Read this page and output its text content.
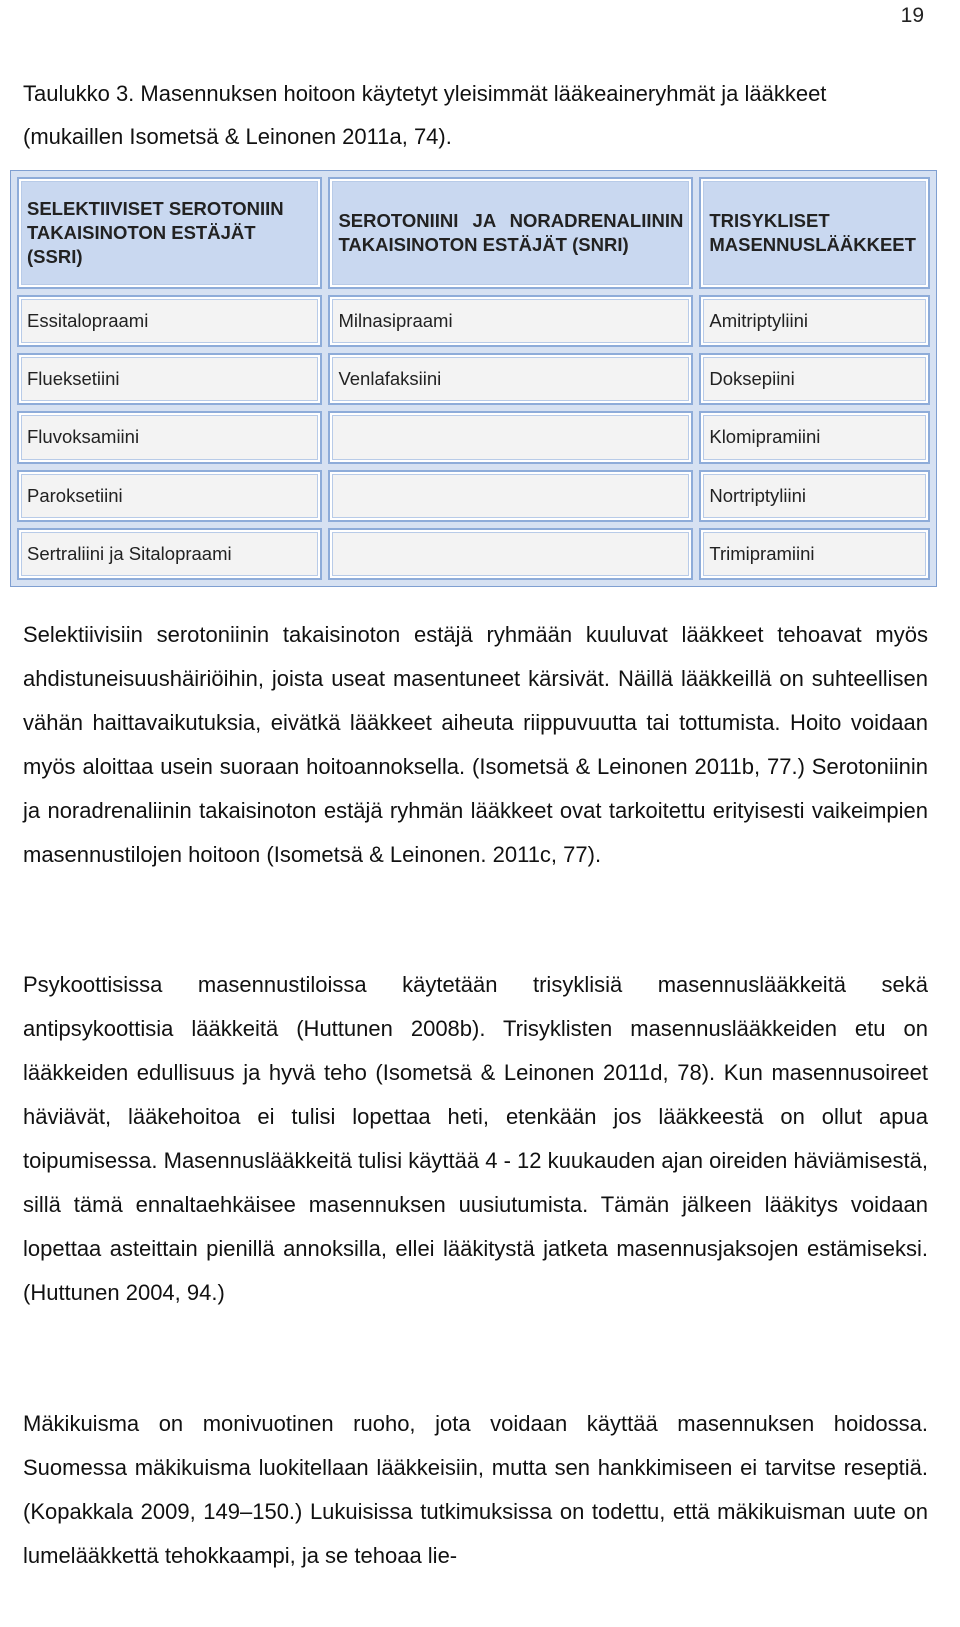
19
Taulukko 3. Masennuksen hoitoon käytetyt yleisimmät lääkeaineryhmät ja lääkkeet (mukaillen Isometsä & Leinonen 2011a, 74).
SELEKTIIVISET SEROTONIIN TAKAISINOTON ESTÄJÄT (SSRI)	SEROTONIINI JA NORADRENALIININ TAKAISINOTON ESTÄJÄT (SNRI)	TRISYKLISET MASENNUSLÄÄKKEET
Essitalopraami	Milnasipraami	Amitriptyliini
Flueksetiini	Venlafaksiini	Doksepiini
Fluvoksamiini		Klomipramiini
Paroksetiini		Nortriptyliini
Sertraliini ja Sitalopraami		Trimipramiini

Selektiivisiin serotoniinin takaisinoton estäjä ryhmään kuuluvat lääkkeet tehoavat myös ahdistuneisuushäiriöihin, joista useat masentuneet kärsivät. Näillä lääkkeillä on suhteellisen vähän haittavaikutuksia, eivätkä lääkkeet aiheuta riippuvuutta tai tottumista. Hoito voidaan myös aloittaa usein suoraan hoitoannoksella. (Isometsä & Leinonen 2011b, 77.) Serotoniinin ja noradrenaliinin takaisinoton estäjä ryhmän lääkkeet ovat tarkoitettu erityisesti vaikeimpien masennustilojen hoitoon (Isometsä & Leinonen. 2011c, 77).

Psykoottisissa masennustiloissa käytetään trisyklisiä masennuslääkkeitä sekä antipsykoottisia lääkkeitä (Huttunen 2008b). Trisyklisten masennuslääkkeiden etu on lääkkeiden edullisuus ja hyvä teho (Isometsä & Leinonen 2011d, 78). Kun masennusoireet häviävät, lääkehoitoa ei tulisi lopettaa heti, etenkään jos lääkkeestä on ollut apua toipumisessa. Masennuslääkkeitä tulisi käyttää 4 - 12 kuukauden ajan oireiden häviämisestä, sillä tämä ennaltaehkäisee masennuksen uusiutumista. Tämän jälkeen lääkitys voidaan lopettaa asteittain pienillä annoksilla, ellei lääkitystä jatketa masennusjaksojen estämiseksi. (Huttunen 2004, 94.)

Mäkikuisma on monivuotinen ruoho, jota voidaan käyttää masennuksen hoidossa. Suomessa mäkikuisma luokitellaan lääkkeisiin, mutta sen hankkimiseen ei tarvitse reseptiä. (Kopakkala 2009, 149–150.) Lukuisissa tutkimuksissa on todettu, että mäkikuisman uute on lumelääkkettä tehokkaampi, ja se tehoaa lie-
